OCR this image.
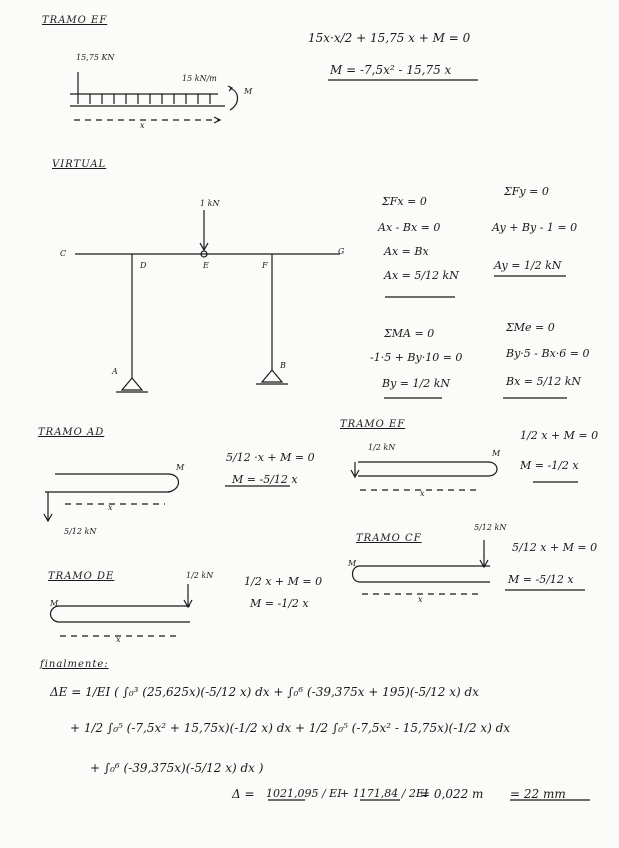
TRAMO EF
15,75 KN
15 kN/m
M
x
15x·x/2 + 15,75 x + M = 0
M = -7,5x² - 15,75 x
VIRTUAL
1 kN
C
D	E	F
A
B
G
ΣFx = 0
Ax - Bx = 0
Ax = Bx
Ax = 5/12 kN
ΣFy = 0
Ay + By - 1 = 0
Ay = 1/2 kN
ΣMA = 0
-1·5 + By·10 = 0
By = 1/2 kN
ΣMe = 0
By·5 - Bx·6 = 0
Bx = 5/12 kN
TRAMO AD
M
x
5/12 kN
5/12 ·x + M = 0
M = -5/12 x
TRAMO EF
1/2 kN
M
x
1/2 x + M = 0
M = -1/2 x
TRAMO CF
5/12 kN
M
x
5/12 x + M = 0
M = -5/12 x
TRAMO DE	1/2 kN
M
x
1/2 x + M = 0
M = -1/2 x
finalmente:
ΔE = 1/EI ( ∫₀³ (25,625x)(-5/12 x) dx + ∫₀⁶ (-39,375x + 195)(-5/12 x) dx
+ 1/2 ∫₀⁵ (-7,5x² + 15,75x)(-1/2 x) dx + 1/2 ∫₀⁵ (-7,5x² - 15,75x)(-1/2 x) dx
+ ∫₀⁶ (-39,375x)(-5/12 x) dx )
Δ = 1021,095 / EI
+ 1171,84 / 2EI
= 0,022 m = 22 mm
